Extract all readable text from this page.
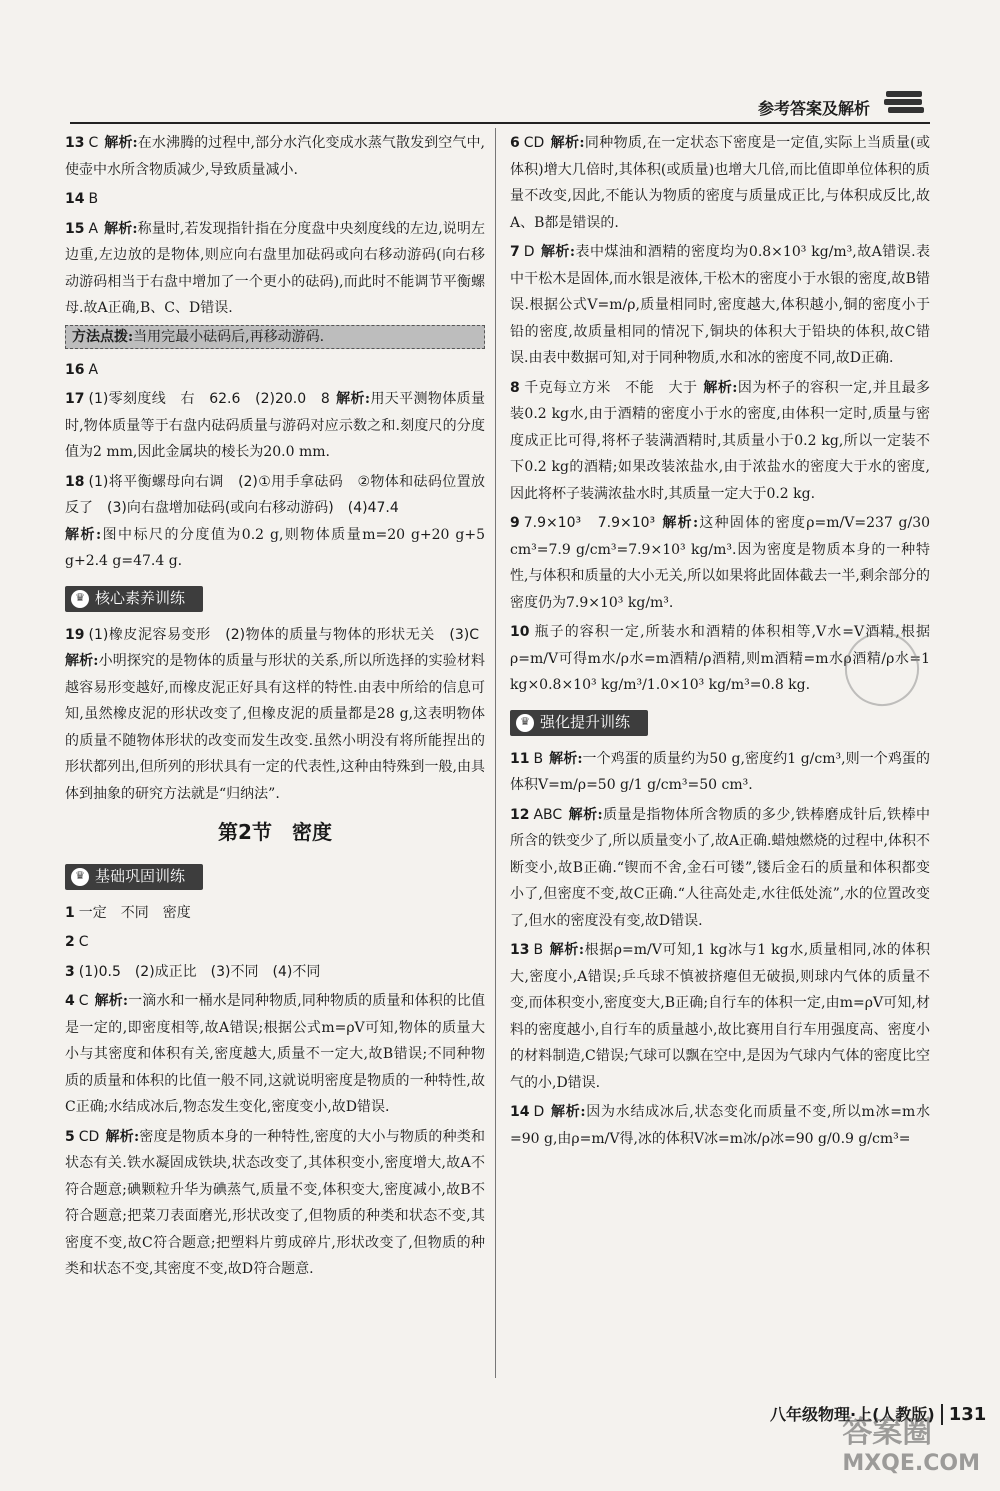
参考答案及解析

13 C 解析:在水沸腾的过程中,部分水汽化变成水蒸气散发到空气中,使壶中水所含物质减少,导致质量减小.

14 B

15 A 解析:称量时,若发现指针指在分度盘中央刻度线的左边,说明左边重,左边放的是物体,则应向右盘里加砝码或向右移动游码(向右移动游码相当于右盘中增加了一个更小的砝码),而此时不能调节平衡螺母.故A正确,B、C、D错误.

方法点拨:当用完最小砝码后,再移动游码.

16 A

17 (1)零刻度线　右　62.6　(2)20.0　8 解析:用天平测物体质量时,物体质量等于右盘内砝码质量与游码对应示数之和.刻度尺的分度值为2 mm,因此金属块的棱长为20.0 mm.

18 (1)将平衡螺母向右调　(2)①用手拿砝码　②物体和砝码位置放反了　(3)向右盘增加砝码(或向右移动游码)　(4)47.4
解析:图中标尺的分度值为0.2 g,则物体质量m=20 g+20 g+5 g+2.4 g=47.4 g.

♛ 核心素养训练

19 (1)橡皮泥容易变形　(2)物体的质量与物体的形状无关　(3)C解析:小明探究的是物体的质量与形状的关系,所以所选择的实验材料越容易形变越好,而橡皮泥正好具有这样的特性.由表中所给的信息可知,虽然橡皮泥的形状改变了,但橡皮泥的质量都是28 g,这表明物体的质量不随物体形状的改变而发生改变.虽然小明没有将所能捏出的形状都列出,但所列的形状具有一定的代表性,这种由特殊到一般,由具体到抽象的研究方法就是“归纳法”.

第2节　密度
♛ 基础巩固训练

1 一定　不同　密度

2 C

3 (1)0.5　(2)成正比　(3)不同　(4)不同

4 C 解析:一滴水和一桶水是同种物质,同种物质的质量和体积的比值是一定的,即密度相等,故A错误;根据公式m=ρV可知,物体的质量大小与其密度和体积有关,密度越大,质量不一定大,故B错误;不同种物质的质量和体积的比值一般不同,这就说明密度是物质的一种特性,故C正确;水结成冰后,物态发生变化,密度变小,故D错误.

5 CD 解析:密度是物质本身的一种特性,密度的大小与物质的种类和状态有关.铁水凝固成铁块,状态改变了,其体积变小,密度增大,故A不符合题意;碘颗粒升华为碘蒸气,质量不变,体积变大,密度减小,故B不符合题意;把菜刀表面磨光,形状改变了,但物质的种类和状态不变,其密度不变,故C符合题意;把塑料片剪成碎片,形状改变了,但物质的种类和状态不变,其密度不变,故D符合题意.

6 CD 解析:同种物质,在一定状态下密度是一定值,实际上当质量(或体积)增大几倍时,其体积(或质量)也增大几倍,而比值即单位体积的质量不改变,因此,不能认为物质的密度与质量成正比,与体积成反比,故A、B都是错误的.

7 D 解析:表中煤油和酒精的密度均为0.8×10³ kg/m³,故A错误.表中干松木是固体,而水银是液体,干松木的密度小于水银的密度,故B错误.根据公式V=m/ρ,质量相同时,密度越大,体积越小,铜的密度小于铅的密度,故质量相同的情况下,铜块的体积大于铅块的体积,故C错误.由表中数据可知,对于同种物质,水和冰的密度不同,故D正确.

8 千克每立方米　不能　大于 解析:因为杯子的容积一定,并且最多装0.2 kg水,由于酒精的密度小于水的密度,由体积一定时,质量与密度成正比可得,将杯子装满酒精时,其质量小于0.2 kg,所以一定装不下0.2 kg的酒精;如果改装浓盐水,由于浓盐水的密度大于水的密度,因此将杯子装满浓盐水时,其质量一定大于0.2 kg.

9 7.9×10³　7.9×10³ 解析:这种固体的密度ρ=m/V=237 g/30 cm³=7.9 g/cm³=7.9×10³ kg/m³.因为密度是物质本身的一种特性,与体积和质量的大小无关,所以如果将此固体截去一半,剩余部分的密度仍为7.9×10³ kg/m³.

10 瓶子的容积一定,所装水和酒精的体积相等,V水=V酒精,根据ρ=m/V可得m水/ρ水=m酒精/ρ酒精,则m酒精=m水ρ酒精/ρ水=1 kg×0.8×10³ kg/m³/1.0×10³ kg/m³=0.8 kg.

♛ 强化提升训练

11 B 解析:一个鸡蛋的质量约为50 g,密度约1 g/cm³,则一个鸡蛋的体积V=m/ρ=50 g/1 g/cm³=50 cm³.

12 ABC 解析:质量是指物体所含物质的多少,铁棒磨成针后,铁棒中所含的铁变少了,所以质量变小了,故A正确.蜡烛燃烧的过程中,体积不断变小,故B正确.“锲而不舍,金石可镂”,镂后金石的质量和体积都变小了,但密度不变,故C正确.“人往高处走,水往低处流”,水的位置改变了,但水的密度没有变,故D错误.

13 B 解析:根据ρ=m/V可知,1 kg冰与1 kg水,质量相同,冰的体积大,密度小,A错误;乒乓球不慎被挤瘪但无破损,则球内气体的质量不变,而体积变小,密度变大,B正确;自行车的体积一定,由m=ρV可知,材料的密度越小,自行车的质量越小,故比赛用自行车用强度高、密度小的材料制造,C错误;气球可以飘在空中,是因为气球内气体的密度比空气的小,D错误.

14 D 解析:因为水结成冰后,状态变化而质量不变,所以m冰=m水=90 g,由ρ=m/V得,冰的体积V冰=m冰/ρ冰=90 g/0.9 g/cm³=

八年级物理·上(人教版) 131
答案圈
MXQE.COM
